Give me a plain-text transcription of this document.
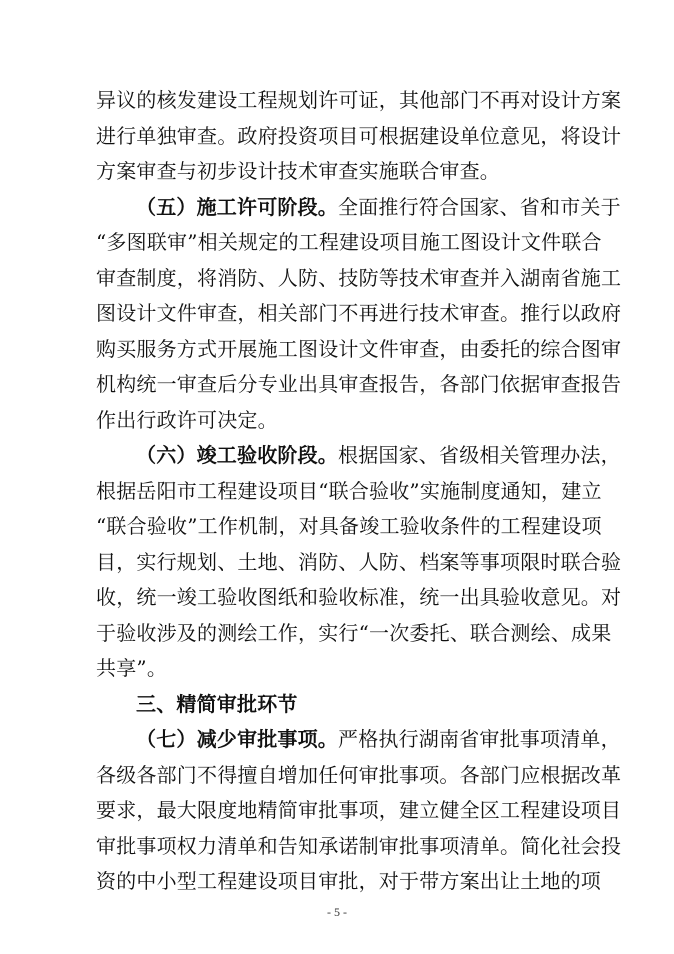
异议的核发建设工程规划许可证，其他部门不再对设计方案
进行单独审查。政府投资项目可根据建设单位意见，将设计
方案审查与初步设计技术审查实施联合审查。
（五）施工许可阶段。全面推行符合国家、省和市关于
“多图联审”相关规定的工程建设项目施工图设计文件联合
审查制度，将消防、人防、技防等技术审查并入湖南省施工
图设计文件审查，相关部门不再进行技术审查。推行以政府
购买服务方式开展施工图设计文件审查，由委托的综合图审
机构统一审查后分专业出具审查报告，各部门依据审查报告
作出行政许可决定。
（六）竣工验收阶段。根据国家、省级相关管理办法，
根据岳阳市工程建设项目“联合验收”实施制度通知，建立
“联合验收”工作机制，对具备竣工验收条件的工程建设项
目，实行规划、土地、消防、人防、档案等事项限时联合验
收，统一竣工验收图纸和验收标准，统一出具验收意见。对
于验收涉及的测绘工作，实行“一次委托、联合测绘、成果
共享”。
三、精简审批环节
（七）减少审批事项。严格执行湖南省审批事项清单，
各级各部门不得擅自增加任何审批事项。各部门应根据改革
要求，最大限度地精简审批事项，建立健全区工程建设项目
审批事项权力清单和告知承诺制审批事项清单。简化社会投
资的中小型工程建设项目审批，对于带方案出让土地的项
- 5 -
